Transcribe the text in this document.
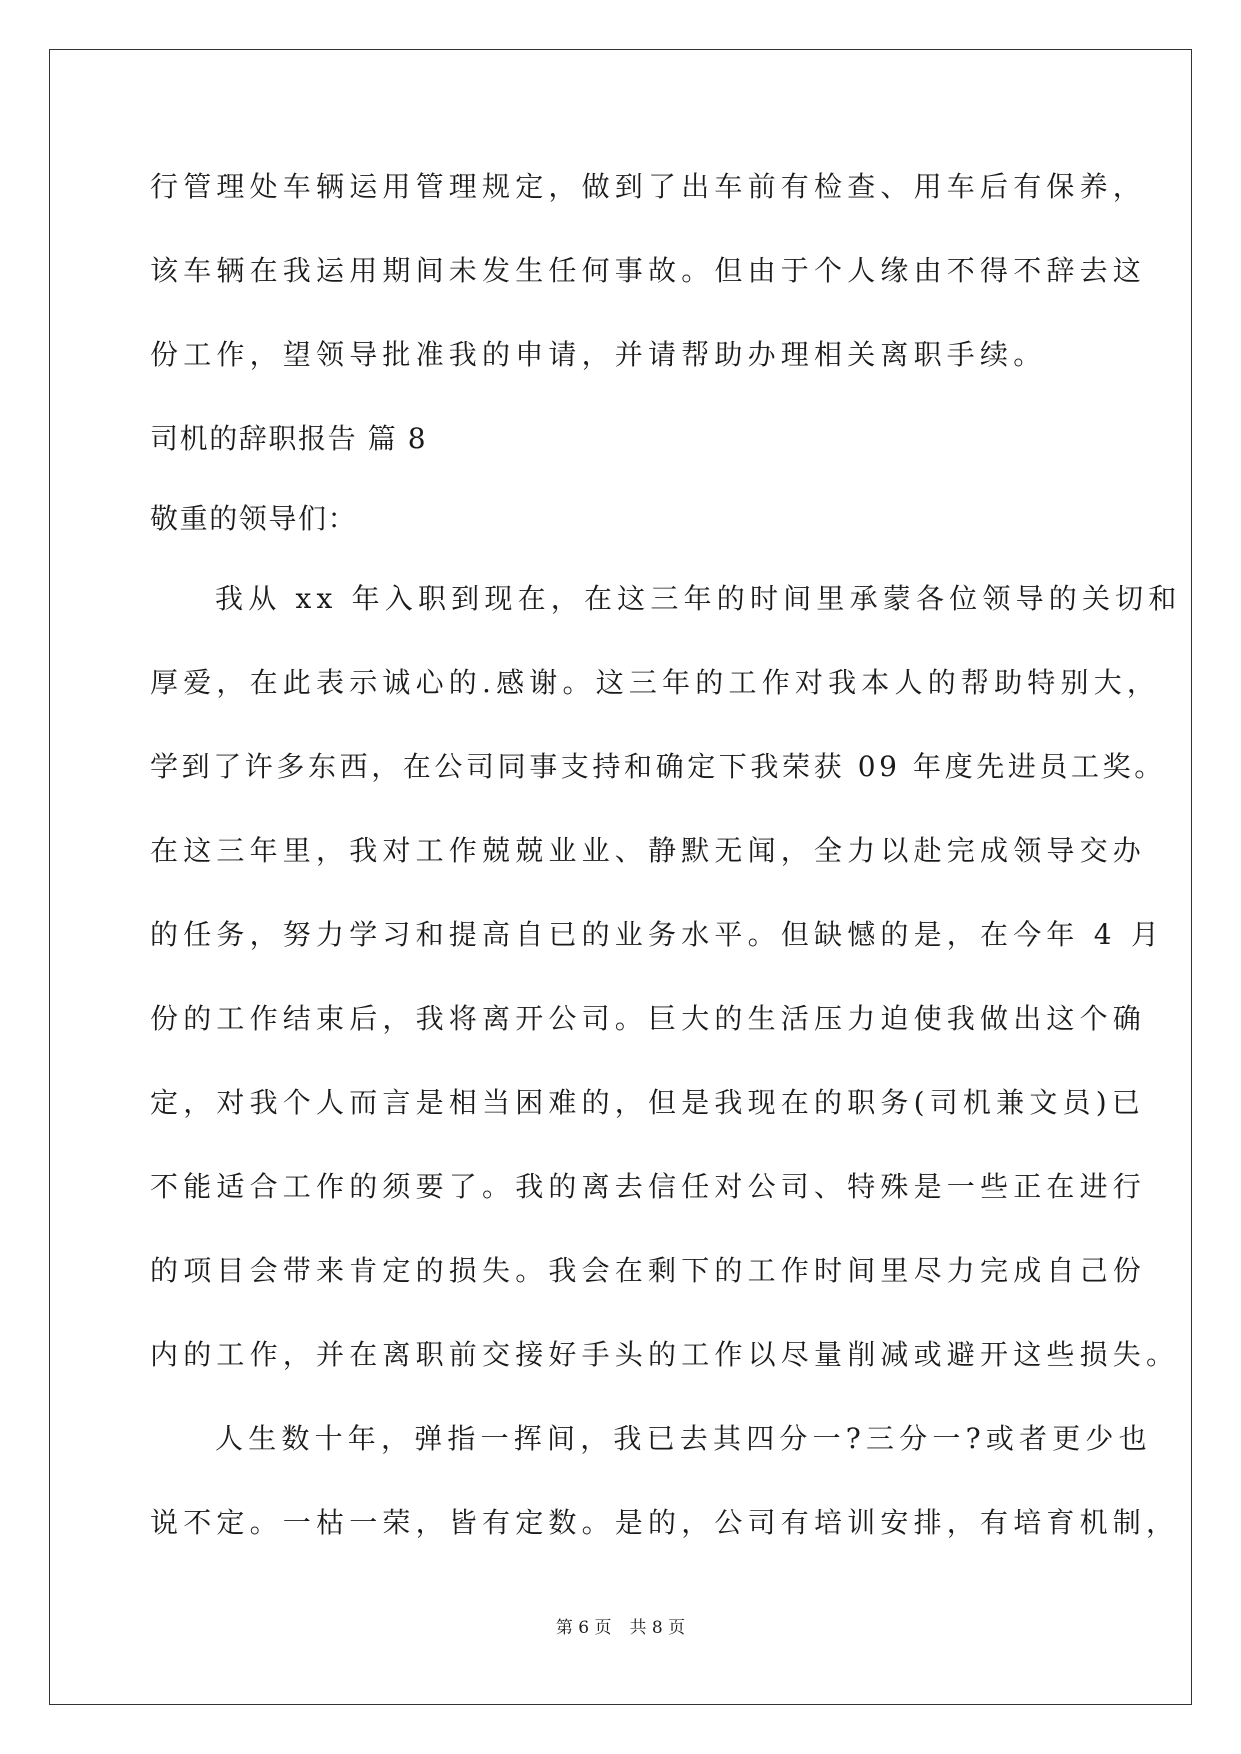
行管理处车辆运用管理规定，做到了出车前有检查、用车后有保养，
该车辆在我运用期间未发生任何事故。但由于个人缘由不得不辞去这
份工作，望领导批准我的申请，并请帮助办理相关离职手续。
司机的辞职报告 篇 8
敬重的领导们：
我从 xx 年入职到现在，在这三年的时间里承蒙各位领导的关切和
厚爱，在此表示诚心的.感谢。这三年的工作对我本人的帮助特别大，
学到了许多东西，在公司同事支持和确定下我荣获 09 年度先进员工奖。
在这三年里，我对工作兢兢业业、静默无闻，全力以赴完成领导交办
的任务，努力学习和提高自已的业务水平。但缺憾的是，在今年 4 月
份的工作结束后，我将离开公司。巨大的生活压力迫使我做出这个确
定，对我个人而言是相当困难的，但是我现在的职务(司机兼文员)已
不能适合工作的须要了。我的离去信任对公司、特殊是一些正在进行
的项目会带来肯定的损失。我会在剩下的工作时间里尽力完成自己份
内的工作，并在离职前交接好手头的工作以尽量削减或避开这些损失。
人生数十年，弹指一挥间，我已去其四分一?三分一?或者更少也
说不定。一枯一荣，皆有定数。是的，公司有培训安排，有培育机制，
第 6 页 共 8 页
